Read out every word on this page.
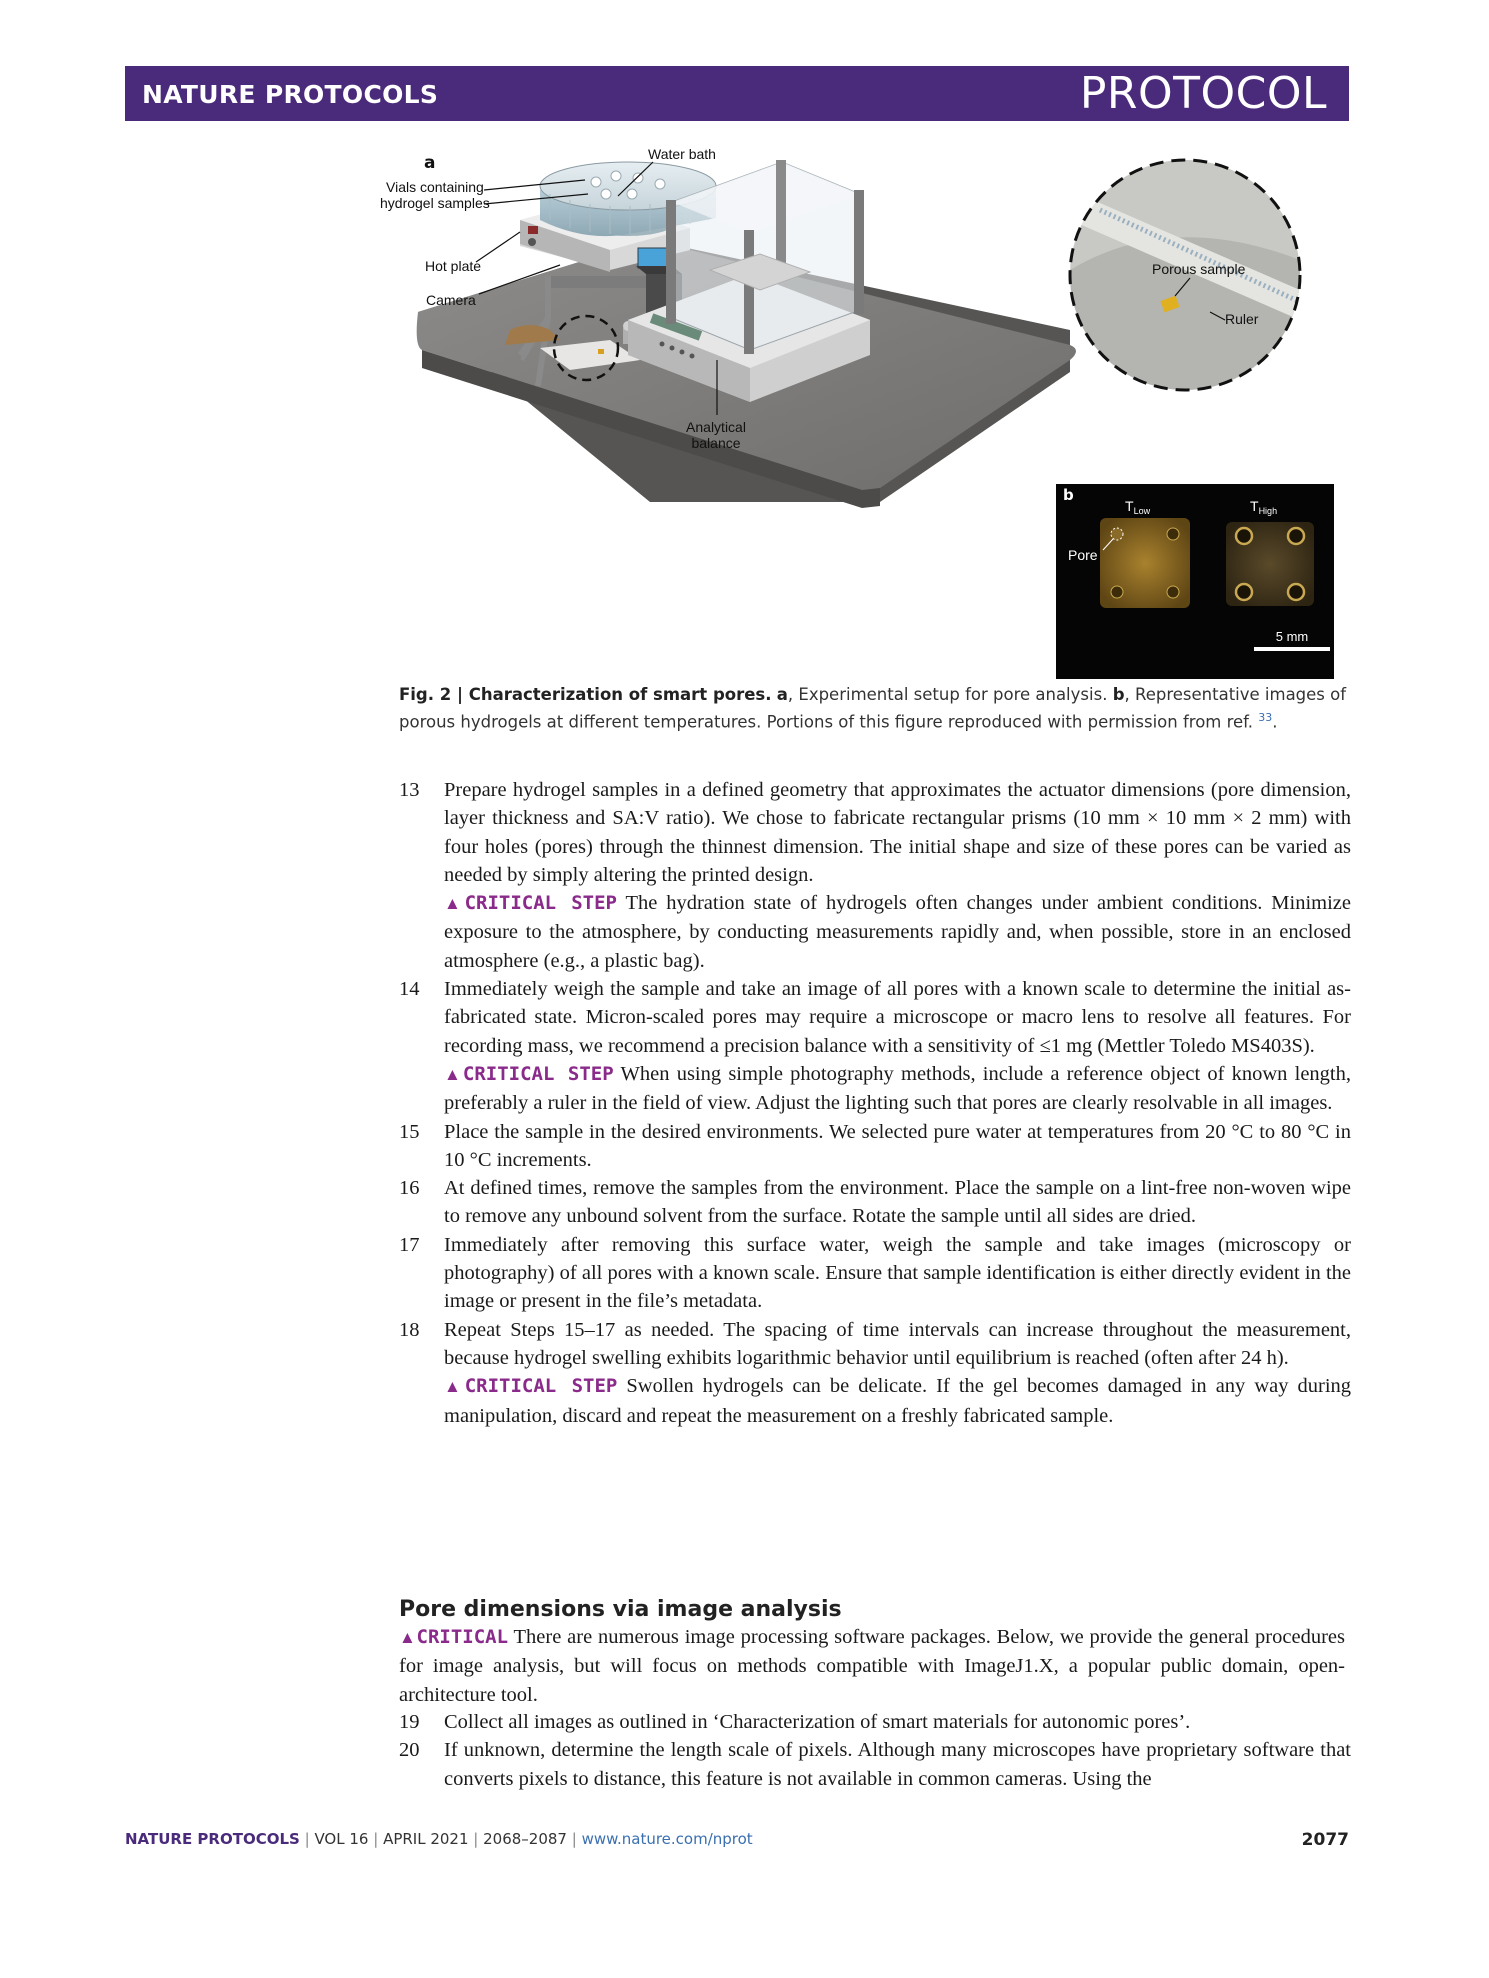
NATURE PROTOCOLS	PROTOCOL
a	Water bath
Vials containing
hydrogel samples
Hot plate
Camera
Analytical
balance
Porous sample
Ruler
b
Pore
$T_{Low}$	$T_{High}$
5 mm
Fig. 2 | Characterization of smart pores. a, Experimental setup for pore analysis. b, Representative images of porous hydrogels at different temperatures. Portions of this figure reproduced with permission from ref. $^{33}$.
13 Prepare hydrogel samples in a defined geometry that approximates the actuator dimensions (pore dimension, layer thickness and SA:V ratio). We chose to fabricate rectangular prisms (10 mm × 10 mm × 2 mm) with four holes (pores) through the thinnest dimension. The initial shape and size of these pores can be varied as needed by simply altering the printed design.
▲CRITICAL STEP The hydration state of hydrogels often changes under ambient conditions. Minimize exposure to the atmosphere, by conducting measurements rapidly and, when possible, store in an enclosed atmosphere (e.g., a plastic bag).
14 Immediately weigh the sample and take an image of all pores with a known scale to determine the initial as-fabricated state. Micron-scaled pores may require a microscope or macro lens to resolve all features. For recording mass, we recommend a precision balance with a sensitivity of ≤1 mg (Mettler Toledo MS403S).
▲CRITICAL STEP When using simple photography methods, include a reference object of known length, preferably a ruler in the field of view. Adjust the lighting such that pores are clearly resolvable in all images.
15 Place the sample in the desired environments. We selected pure water at temperatures from 20 °C to 80 °C in 10 °C increments.
16 At defined times, remove the samples from the environment. Place the sample on a lint-free non-woven wipe to remove any unbound solvent from the surface. Rotate the sample until all sides are dried.
17 Immediately after removing this surface water, weigh the sample and take images (microscopy or photography) of all pores with a known scale. Ensure that sample identification is either directly evident in the image or present in the file’s metadata.
18 Repeat Steps 15–17 as needed. The spacing of time intervals can increase throughout the measurement, because hydrogel swelling exhibits logarithmic behavior until equilibrium is reached (often after 24 h).
▲CRITICAL STEP Swollen hydrogels can be delicate. If the gel becomes damaged in any way during manipulation, discard and repeat the measurement on a freshly fabricated sample.
Pore dimensions via image analysis
▲CRITICAL There are numerous image processing software packages. Below, we provide the general procedures for image analysis, but will focus on methods compatible with ImageJ1.X, a popular public domain, open-architecture tool.
19 Collect all images as outlined in ‘Characterization of smart materials for autonomic pores’.
20 If unknown, determine the length scale of pixels. Although many microscopes have proprietary software that converts pixels to distance, this feature is not available in common cameras. Using the
NATURE PROTOCOLS | VOL 16 | APRIL 2021 | 2068–2087 | www.nature.com/nprot	2077
